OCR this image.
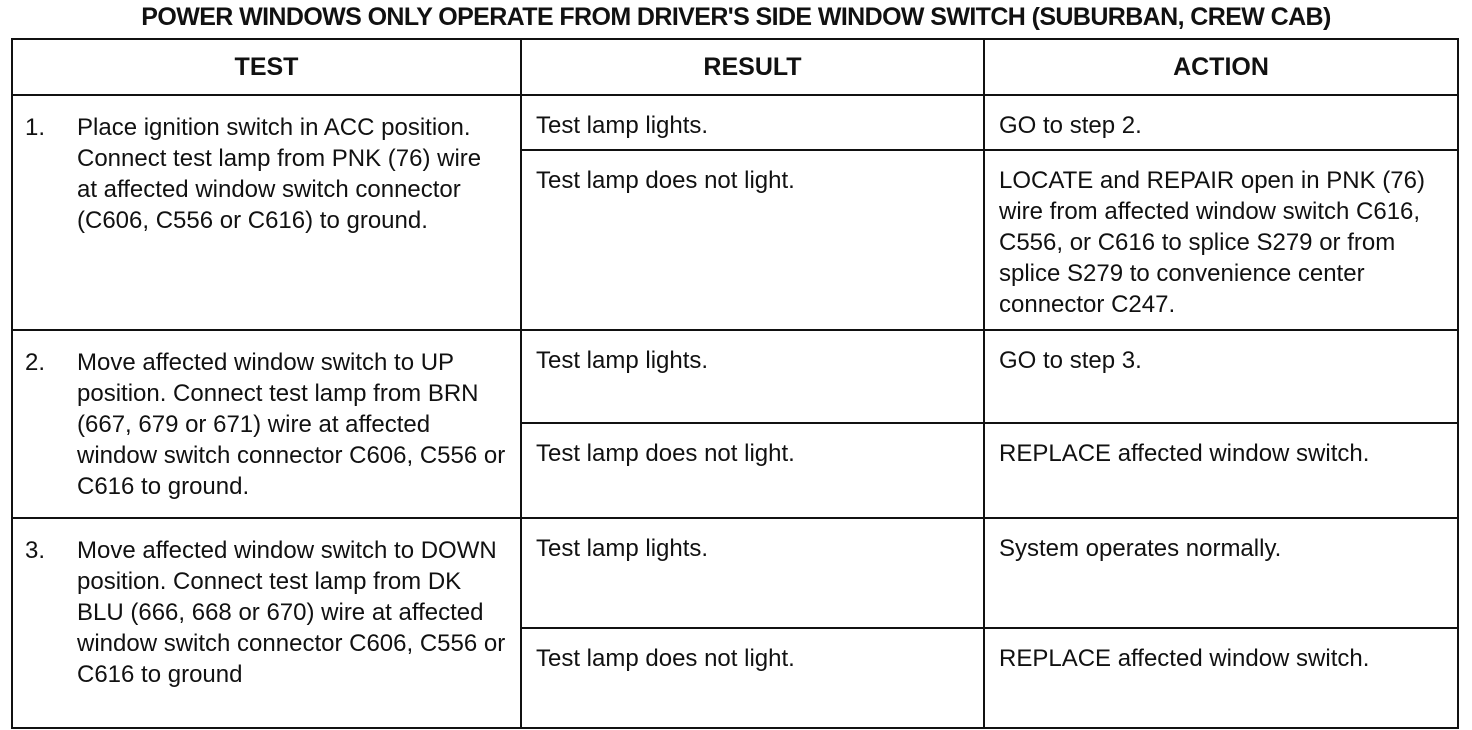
POWER WINDOWS ONLY OPERATE FROM DRIVER'S SIDE WINDOW SWITCH (SUBURBAN, CREW CAB)
TEST	RESULT	ACTION

1. Place ignition switch in ACC position. Connect test lamp from PNK (76) wire at affected window switch connector (C606, C556 or C616) to ground.	Test lamp lights.	GO to step 2.
	Test lamp does not light.	LOCATE and REPAIR open in PNK (76) wire from affected window switch C616, C556, or C616 to splice S279 or from splice S279 to convenience center connector C247.

2. Move affected window switch to UP position. Connect test lamp from BRN (667, 679 or 671) wire at affected window switch connector C606, C556 or C616 to ground.	Test lamp lights.	GO to step 3.
	Test lamp does not light.	REPLACE affected window switch.

3. Move affected window switch to DOWN position. Connect test lamp from DK BLU (666, 668 or 670) wire at affected window switch connector C606, C556 or C616 to ground	Test lamp lights.	System operates normally.
	Test lamp does not light.	REPLACE affected window switch.
